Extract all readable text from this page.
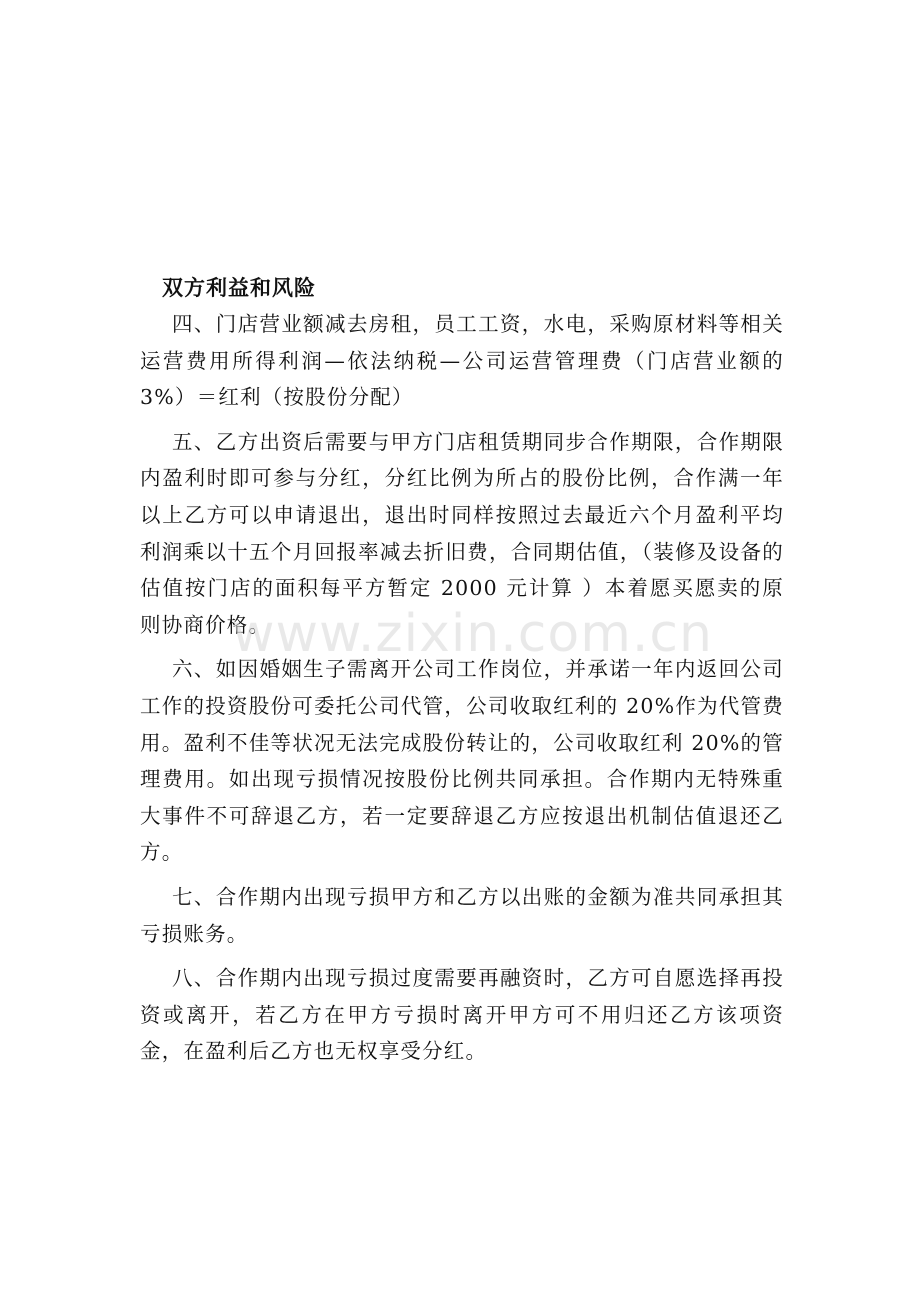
双方利益和风险

四、门店营业额减去房租，员工工资，水电，采购原材料等相关运营费用所得利润—依法纳税—公司运营管理费（门店营业额的 3%）＝红利（按股份分配）

五、乙方出资后需要与甲方门店租赁期同步合作期限，合作期限内盈利时即可参与分红，分红比例为所占的股份比例，合作满一年以上乙方可以申请退出，退出时同样按照过去最近六个月盈利平均利润乘以十五个月回报率减去折旧费，合同期估值，（装修及设备的估值按门店的面积每平方暂定 2000 元计算 ）本着愿买愿卖的原则协商价格。

六、如因婚姻生子需离开公司工作岗位，并承诺一年内返回公司工作的投资股份可委托公司代管，公司收取红利的 20%作为代管费用。盈利不佳等状况无法完成股份转让的，公司收取红利 20%的管理费用。如出现亏损情况按股份比例共同承担。合作期内无特殊重大事件不可辞退乙方，若一定要辞退乙方应按退出机制估值退还乙方。

七、合作期内出现亏损甲方和乙方以出账的金额为准共同承担其亏损账务。

八、合作期内出现亏损过度需要再融资时，乙方可自愿选择再投资或离开，若乙方在甲方亏损时离开甲方可不用归还乙方该项资金，在盈利后乙方也无权享受分红。

www.zixin.com.cn
